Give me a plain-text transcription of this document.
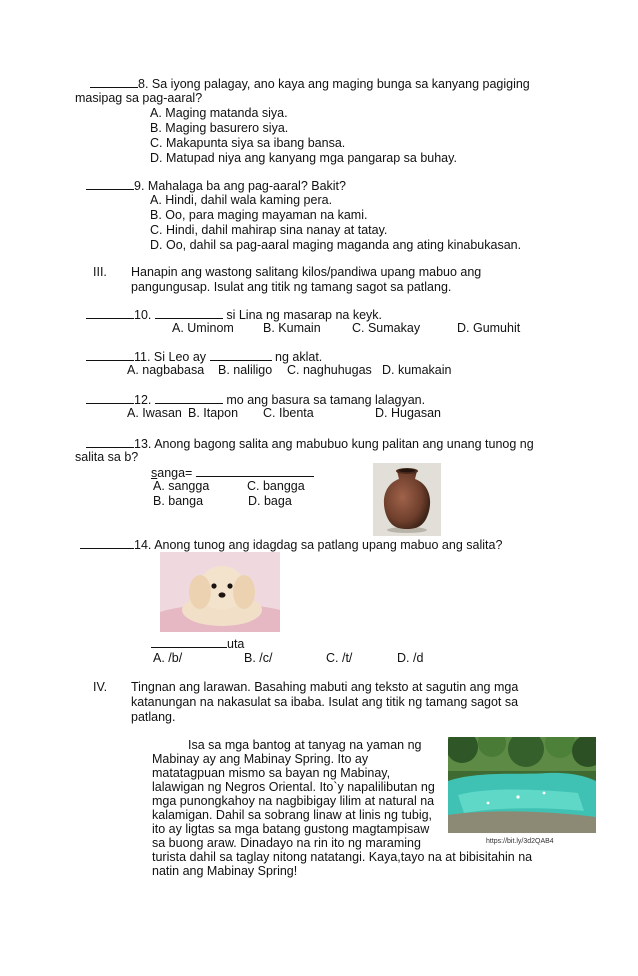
8. Sa iyong palagay, ano kaya ang maging bunga sa kanyang pagiging
masipag sa pag-aaral?
A. Maging matanda siya.
B. Maging basurero siya.
C. Makapunta siya sa ibang bansa.
D. Matupad niya ang kanyang mga pangarap sa buhay.
9. Mahalaga ba ang pag-aaral? Bakit?
A. Hindi, dahil wala kaming pera.
B. Oo, para maging mayaman na kami.
C. Hindi, dahil mahirap sina nanay at tatay.
D. Oo, dahil sa pag-aaral maging maganda ang ating kinabukasan.
III. Hanapin ang wastong salitang kilos/pandiwa upang mabuo ang
pangungusap. Isulat ang titik ng tamang sagot sa patlang.
10.	si Lina ng masarap na keyk.
A. Uminom B. Kumain	C. Sumakay	D. Gumuhit
11. Si Leo ay	ng aklat.
A. nagbabasa B. naliligo C. naghuhugas D. kumakain
12.	mo ang basura sa tamang lalagyan.
A. Iwasan B. Itapon C. Ibenta	D. Hugasan
13. Anong bagong salita ang mabubuo kung palitan ang unang tunog ng
salita sa b?
sanga=
A. sangga	C. bangga
B. banga	D. baga
14. Anong tunog ang idagdag sa patlang upang mabuo ang salita?
uta
A. /b/	B. /c/	C. /t/	D. /d
IV. Tingnan ang larawan. Basahing mabuti ang teksto at sagutin ang mga
katanungan na nakasulat sa ibaba. Isulat ang titik ng tamang sagot sa
patlang.
Isa sa mga bantog at tanyag na yaman ng
Mabinay ay ang Mabinay Spring. Ito ay
matatagpuan mismo sa bayan ng Mabinay,
lalawigan ng Negros Oriental. Ito`y napalilibutan ng
mga punongkahoy na nagbibigay lilim at natural na
kalamigan. Dahil sa sobrang linaw at linis ng tubig,
ito ay ligtas sa mga batang gustong magtampisaw
sa buong araw. Dinadayo na rin ito ng maraming
turista dahil sa taglay nitong natatangi. Kaya,tayo na at bibisitahin na
natin ang Mabinay Spring!
https://bit.ly/3d2QAB4
